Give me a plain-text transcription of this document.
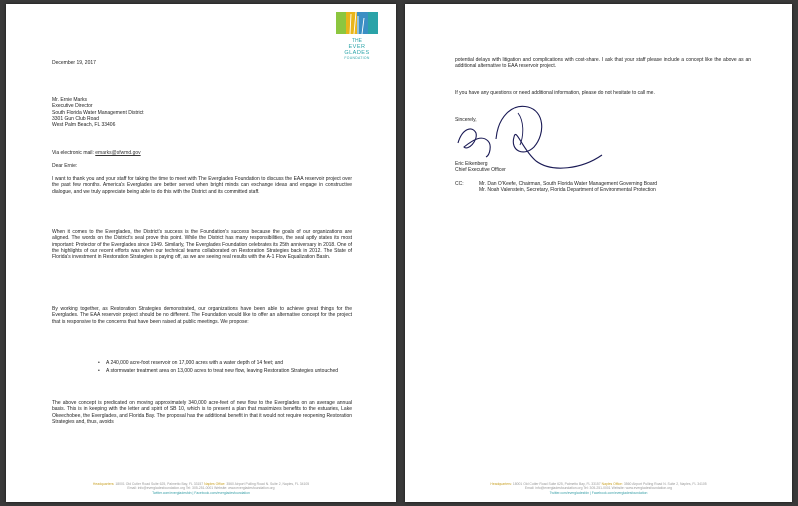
THE
EVER
GLADES
FOUNDATION

December 19, 2017

Mr. Ernie Marks
Executive Director
South Florida Water Management District
3301 Gun Club Road
West Palm Beach, FL 33406

Via electronic mail: emarks@sfwmd.gov

Dear Ernie:

I want to thank you and your staff for taking the time to meet with The Everglades Foundation to discuss the EAA reservoir project over the past few months. America's Everglades are better served when bright minds can exchange ideas and engage in constructive dialogue, and we truly appreciate being able to do this with the District and its committed staff.

When it comes to the Everglades, the District's success is the Foundation's success because the goals of our organizations are aligned. The words on the District's seal prove this point. While the District has many responsibilities, the seal aptly states its most important: Protector of the Everglades since 1949. Similarly, The Everglades Foundation celebrates its 25th anniversary in 2018. One of the highlights of our recent efforts was when our technical teams collaborated on Restoration Strategies back in 2012. The State of Florida's investment in Restoration Strategies is paying off, as we are seeing real results with the A-1 Flow Equalization Basin.

By working together, as Restoration Strategies demonstrated, our organizations have been able to achieve great things for the Everglades. The EAA reservoir project should be no different. The Foundation would like to offer an alternative concept for the project that is responsive to the concerns that have been raised at public meetings. We propose:

• A 240,000 acre-foot reservoir on 17,000 acres with a water depth of 14 feet; and
• A stormwater treatment area on 13,000 acres to treat new flow, leaving Restoration Strategies untouched

The above concept is predicated on moving approximately 340,000 acre-feet of new flow to the Everglades on an average annual basis. This is in keeping with the letter and spirit of SB 10, which is to present a plan that maximizes benefits to the estuaries, Lake Okeechobee, the Everglades, and Florida Bay. The proposal has the additional benefit in that it would not require reopening Restoration Strategies and, thus, avoids

Headquarters: 18001 Old Cutler Road Suite 625, Palmetto Bay, FL 33157 Naples Office: 3560 Airport Pulling Road N. Suite 2, Naples, FL 34105
Email: info@evergladesfoundation.org Tel: 305-251-0001 Website: www.evergladesfoundation.org
Twitter.com/evergladesfdn | Facebook.com/evergladesfoundation

potential delays with litigation and complications with cost-share. I ask that your staff please include a concept like the above as an additional alternative to EAA reservoir project.

If you have any questions or need additional information, please do not hesitate to call me.

Sincerely,

Eric Eikenberg
Chief Executive Officer
CC:	Mr. Dan O'Keefe, Chairman, South Florida Water Management Governing Board
Mr. Noah Valenstein, Secretary, Florida Department of Environmental Protection
Headquarters: 18001 Old Cutler Road Suite 625, Palmetto Bay, FL 33157 Naples Office: 3560 Airport Pulling Road N. Suite 2, Naples, FL 34105
Email: info@evergladesfoundation.org Tel: 305-251-0001 Website: www.evergladesfoundation.org
Twitter.com/evergladesfdn | Facebook.com/evergladesfoundation
